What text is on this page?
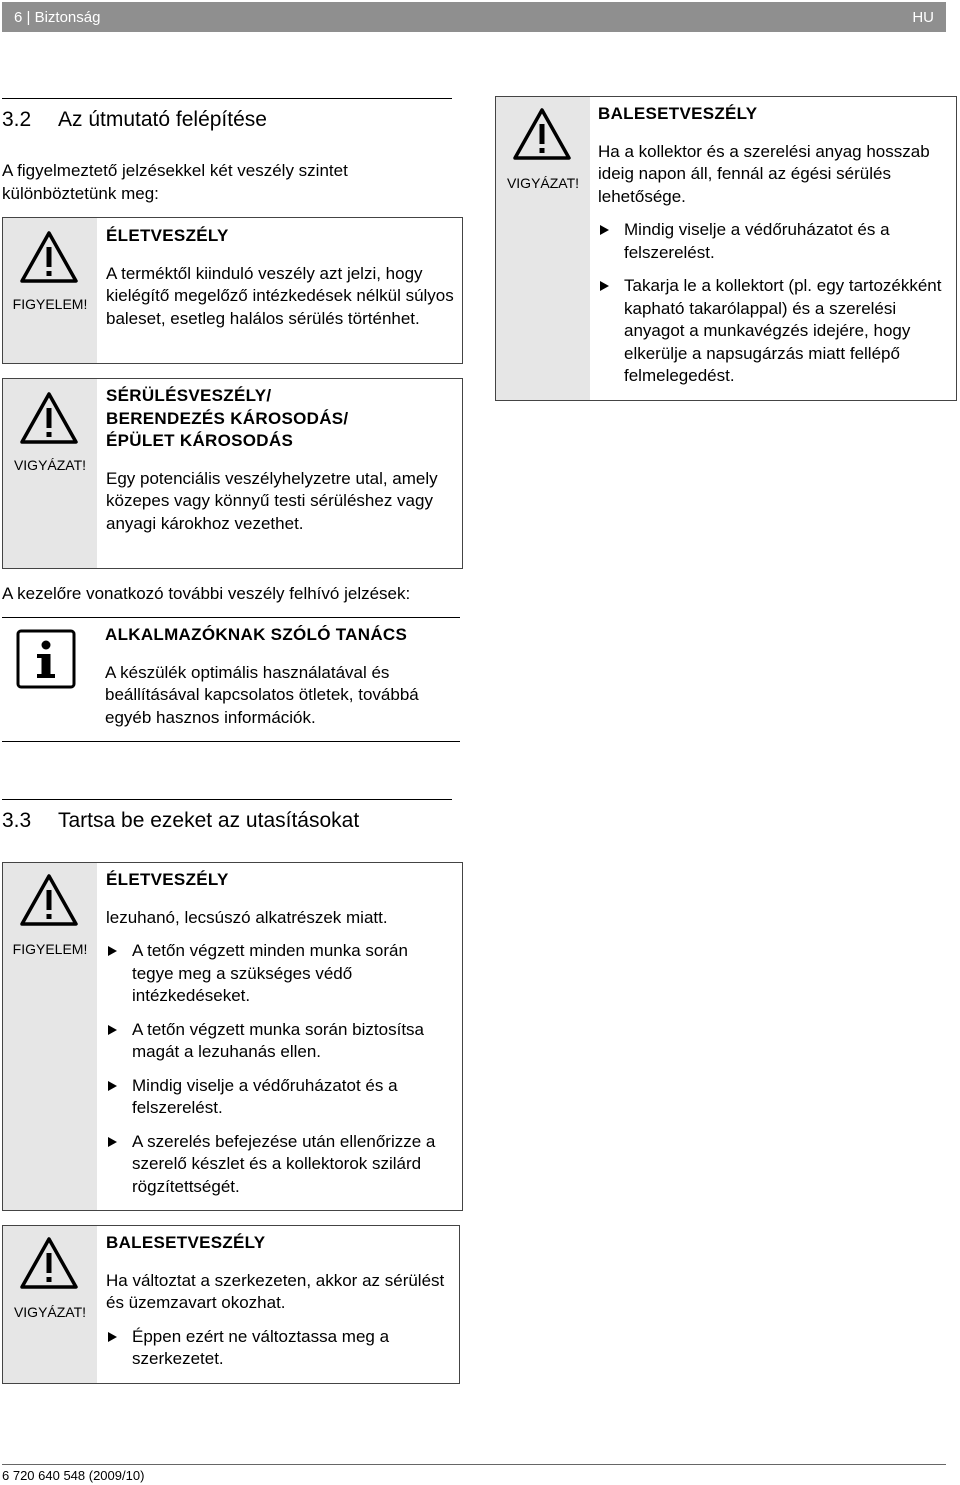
6 | Biztonság	HU
3.2 Az útmutató felépítése
A figyelmeztető jelzésekkel két veszély szintet különböztetünk meg:
FIGYELEM!
ÉLETVESZÉLY
A terméktől kiinduló veszély azt jelzi, hogy kielégítő megelőző intézkedések nélkül súlyos baleset, esetleg halálos sérülés történhet.
VIGYÁZAT!
SÉRÜLÉSVESZÉLY/
BERENDEZÉS KÁROSODÁS/
ÉPÜLET KÁROSODÁS
Egy potenciális veszélyhelyzetre utal, amely közepes vagy könnyű testi sérüléshez vagy anyagi károkhoz vezethet.
A kezelőre vonatkozó további veszély felhívó jelzések:
ALKALMAZÓKNAK SZÓLÓ TANÁCS
A készülék optimális használatával és beállításával kapcsolatos ötletek, továbbá egyéb hasznos információk.
VIGYÁZAT!
BALESETVESZÉLY
Ha a kollektor és a szerelési anyag hosszab ideig napon áll, fennál az égési sérülés lehetősége.
Mindig viselje a védőruházatot és a felszerelést.
Takarja le a kollektort (pl. egy tartozékként kapható takarólappal) és a szerelési anyagot a munkavégzés idejére, hogy elkerülje a napsugárzás miatt fellépő felmelegedést.
3.3 Tartsa be ezeket az utasításokat
FIGYELEM!
ÉLETVESZÉLY
lezuhanó, lecsúszó alkatrészek miatt.
A tetőn végzett minden munka során tegye meg a szükséges védő intézkedéseket.
A tetőn végzett munka során biztosítsa magát a lezuhanás ellen.
Mindig viselje a védőruházatot és a felszerelést.
A szerelés befejezése után ellenőrizze a szerelő készlet és a kollektorok szilárd rögzítettségét.
VIGYÁZAT!
BALESETVESZÉLY
Ha változtat a szerkezeten, akkor az sérülést és üzemzavart okozhat.
Éppen ezért ne változtassa meg a szerkezetet.
6 720 640 548 (2009/10)
